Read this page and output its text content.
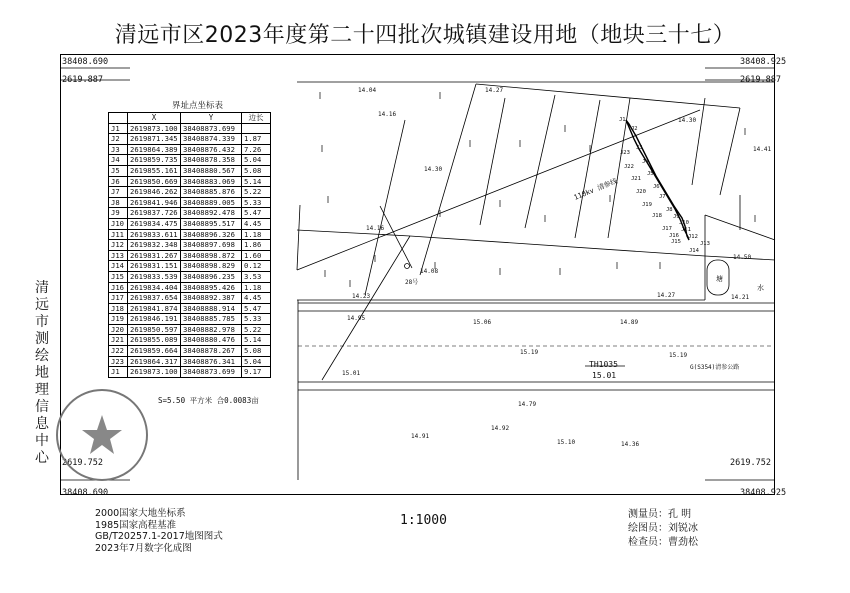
清远市区2023年度第二十四批次城镇建设用地（地块三十七）
38408.690
2619.887
38408.925
2619.887
2619.752
38408.690
2619.752
38408.925
J1
J2
J3
J23
J4
J22
J5
J21
J6
J20
J7
J19
J8
J18 J9
J17
J10
J16
J11
J15
J12
J14
J13
14.04	14.27
14.30
14.16
14.41
14.30
14.16
14.08
14.50
14.23	14.27	14.21
14.95
15.06	14.89
15.19	15.19
15.01
14.79
14.92
14.91
15.10	14.36
110kv 清参线
28号
水
塘
TH1035
15.01
G(S354)清参公路
清远市测绘地理信息中心
界址点坐标表
	X	Y	边长
J1	2619873.100	38408873.699	
J2	2619871.345	38408874.339	1.87
J3	2619864.389	38408876.432	7.26
J4	2619859.735	38408878.358	5.04
J5	2619855.161	38408880.567	5.08
J6	2619850.669	38408883.069	5.14
J7	2619846.262	38408885.876	5.22
J8	2619841.946	38408889.005	5.33
J9	2619837.726	38408892.478	5.47
J10	2619834.475	38408895.517	4.45
J11	2619833.611	38408896.326	1.18
J12	2619832.348	38408897.698	1.86
J13	2619831.267	38408898.872	1.60
J14	2619831.151	38408898.829	0.12
J15	2619833.539	38408896.235	3.53
J16	2619834.404	38408895.426	1.18
J17	2619837.654	38408892.387	4.45
J18	2619841.874	38408888.914	5.47
J19	2619846.191	38408885.785	5.33
J20	2619850.597	38408882.978	5.22
J21	2619855.089	38408880.476	5.14
J22	2619859.664	38408878.267	5.08
J23	2619864.317	38408876.341	5.04
J1	2619873.100	38408873.699	9.17
S=5.50 平方米 合0.0083亩
2000国家大地坐标系
1985国家高程基准
GB/T20257.1-2017地图图式
2023年7月数字化成图
1:1000	测量员：孔 明
绘图员：刘锐冰
检查员：曹劲松
